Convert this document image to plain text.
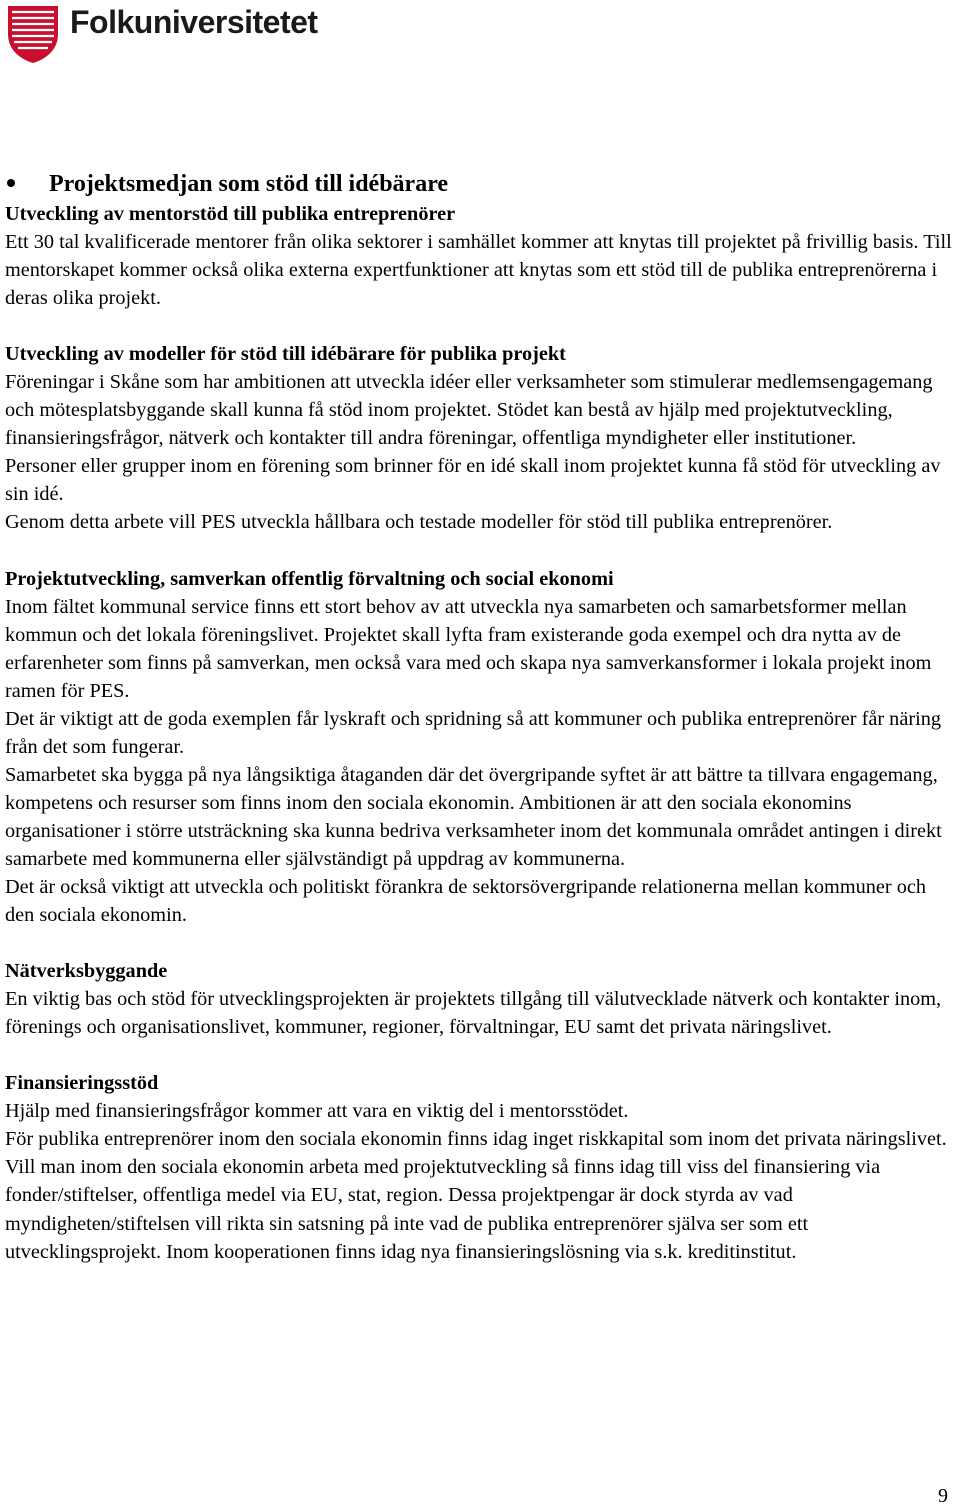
Folkuniversitetet
Projektsmedjan som stöd till idébärare

Utveckling av mentorstöd till publika entreprenörer

Ett 30 tal kvalificerade mentorer från olika sektorer i samhället kommer att knytas till projektet på frivillig basis. Till mentorskapet kommer också olika externa expertfunktioner att knytas som ett stöd till de publika entreprenörerna i deras olika projekt.

Utveckling av modeller för stöd till idébärare för publika projekt

Föreningar i Skåne som har ambitionen att utveckla idéer eller verksamheter som stimulerar medlemsengagemang och mötesplatsbyggande skall kunna få stöd inom projektet. Stödet kan bestå av hjälp med projektutveckling, finansieringsfrågor, nätverk och kontakter till andra föreningar, offentliga myndigheter eller institutioner.

Personer eller grupper inom en förening som brinner för en idé skall inom projektet kunna få stöd för utveckling av sin idé.

Genom detta arbete vill PES utveckla hållbara och testade modeller för stöd till publika entreprenörer.

Projektutveckling, samverkan offentlig förvaltning och social ekonomi

Inom fältet kommunal service finns ett stort behov av att utveckla nya samarbeten och samarbetsformer mellan kommun och det lokala föreningslivet. Projektet skall lyfta fram existerande goda exempel och dra nytta av de erfarenheter som finns på samverkan, men också vara med och skapa nya samverkansformer i lokala projekt inom ramen för PES.

Det är viktigt att de goda exemplen får lyskraft och spridning så att kommuner och publika entreprenörer får näring från det som fungerar.

Samarbetet ska bygga på nya långsiktiga åtaganden där det övergripande syftet är att bättre ta tillvara engagemang, kompetens och resurser som finns inom den sociala ekonomin. Ambitionen är att den sociala ekonomins organisationer i större utsträckning ska kunna bedriva verksamheter inom det kommunala området antingen i direkt samarbete med kommunerna eller självständigt på uppdrag av kommunerna.

Det är också viktigt att utveckla och politiskt förankra de sektorsövergripande relationerna mellan kommuner och den sociala ekonomin.

Nätverksbyggande

En viktig bas och stöd för utvecklingsprojekten är projektets tillgång till välutvecklade nätverk och kontakter inom, förenings och organisationslivet, kommuner, regioner, förvaltningar, EU samt det privata näringslivet.

Finansieringsstöd

Hjälp med finansieringsfrågor kommer att vara en viktig del i mentorsstödet.

För publika entreprenörer inom den sociala ekonomin finns idag inget riskkapital som inom det privata näringslivet. Vill man inom den sociala ekonomin arbeta med projektutveckling så finns idag till viss del finansiering via fonder/stiftelser, offentliga medel via EU, stat, region. Dessa projektpengar är dock styrda av vad myndigheten/stiftelsen vill rikta sin satsning på inte vad de publika entreprenörer själva ser som ett utvecklingsprojekt. Inom kooperationen finns idag nya finansieringslösning via s.k. kreditinstitut.

9
